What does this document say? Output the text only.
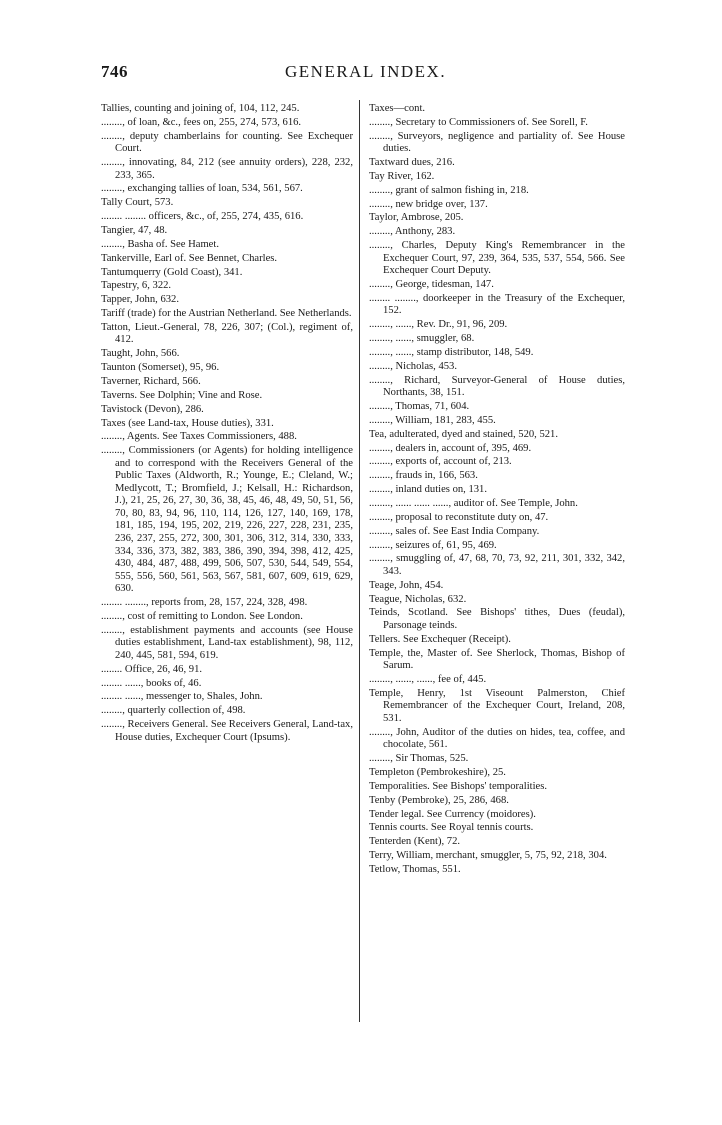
746	GENERAL INDEX.

Tallies, counting and joining of, 104, 112, 245.

........, of loan, &c., fees on, 255, 274, 573, 616.

........, deputy chamberlains for counting. See Exchequer Court.

........, innovating, 84, 212 (see annuity orders), 228, 232, 233, 365.

........, exchanging tallies of loan, 534, 561, 567.

Tally Court, 573.

........ ........ officers, &c., of, 255, 274, 435, 616.

Tangier, 47, 48.

........, Basha of. See Hamet.

Tankerville, Earl of. See Bennet, Charles.

Tantumquerry (Gold Coast), 341.

Tapestry, 6, 322.

Tapper, John, 632.

Tariff (trade) for the Austrian Netherland. See Netherlands.

Tatton, Lieut.-General, 78, 226, 307; (Col.), regiment of, 412.

Taught, John, 566.

Taunton (Somerset), 95, 96.

Taverner, Richard, 566.

Taverns. See Dolphin; Vine and Rose.

Tavistock (Devon), 286.

Taxes (see Land-tax, House duties), 331.

........, Agents. See Taxes Commissioners, 488.

........, Commissioners (or Agents) for holding intelligence and to correspond with the Receivers General of the Public Taxes (Aldworth, R.; Younge, E.; Cleland, W.; Medlycott, T.; Bromfield, J.; Kelsall, H.: Richardson, J.), 21, 25, 26, 27, 30, 36, 38, 45, 46, 48, 49, 50, 51, 56, 70, 80, 83, 94, 96, 110, 114, 126, 127, 140, 169, 178, 181, 185, 194, 195, 202, 219, 226, 227, 228, 231, 235, 236, 237, 255, 272, 300, 301, 306, 312, 314, 330, 333, 334, 336, 373, 382, 383, 386, 390, 394, 398, 412, 425, 430, 484, 487, 488, 499, 506, 507, 530, 544, 549, 554, 555, 556, 560, 561, 563, 567, 581, 607, 609, 619, 629, 630.

........ ........, reports from, 28, 157, 224, 328, 498.

........, cost of remitting to London. See London.

........, establishment payments and accounts (see House duties establishment, Land-tax establishment), 98, 112, 240, 445, 581, 594, 619.

........ Office, 26, 46, 91.

........ ......, books of, 46.

........ ......, messenger to, Shales, John.

........, quarterly collection of, 498.

........, Receivers General. See Receivers General, Land-tax, House duties, Exchequer Court (Ipsums).

Taxes—cont.

........, Secretary to Commissioners of. See Sorell, F.

........, Surveyors, negligence and partiality of. See House duties.

Taxtward dues, 216.

Tay River, 162.

........, grant of salmon fishing in, 218.

........, new bridge over, 137.

Taylor, Ambrose, 205.

........, Anthony, 283.

........, Charles, Deputy King's Remembrancer in the Exchequer Court, 97, 239, 364, 535, 537, 554, 566. See Exchequer Court Deputy.

........, George, tidesman, 147.

........ ........, doorkeeper in the Treasury of the Exchequer, 152.

........, ......, Rev. Dr., 91, 96, 209.

........, ......, smuggler, 68.

........, ......, stamp distributor, 148, 549.

........, Nicholas, 453.

........, Richard, Surveyor-General of House duties, Northants, 38, 151.

........, Thomas, 71, 604.

........, William, 181, 283, 455.

Tea, adulterated, dyed and stained, 520, 521.

........, dealers in, account of, 395, 469.

........, exports of, account of, 213.

........, frauds in, 166, 563.

........, inland duties on, 131.

........, ...... ...... ......, auditor of. See Temple, John.

........, proposal to reconstitute duty on, 47.

........, sales of. See East India Company.

........, seizures of, 61, 95, 469.

........, smuggling of, 47, 68, 70, 73, 92, 211, 301, 332, 342, 343.

Teage, John, 454.

Teague, Nicholas, 632.

Teinds, Scotland. See Bishops' tithes, Dues (feudal), Parsonage teinds.

Tellers. See Exchequer (Receipt).

Temple, the, Master of. See Sherlock, Thomas, Bishop of Sarum.

........, ......, ......, fee of, 445.

Temple, Henry, 1st Viseount Palmerston, Chief Remembrancer of the Exchequer Court, Ireland, 208, 531.

........, John, Auditor of the duties on hides, tea, coffee, and chocolate, 561.

........, Sir Thomas, 525.

Templeton (Pembrokeshire), 25.

Temporalities. See Bishops' temporalities.

Tenby (Pembroke), 25, 286, 468.

Tender legal. See Currency (moidores).

Tennis courts. See Royal tennis courts.

Tenterden (Kent), 72.

Terry, William, merchant, smuggler, 5, 75, 92, 218, 304.

Tetlow, Thomas, 551.
